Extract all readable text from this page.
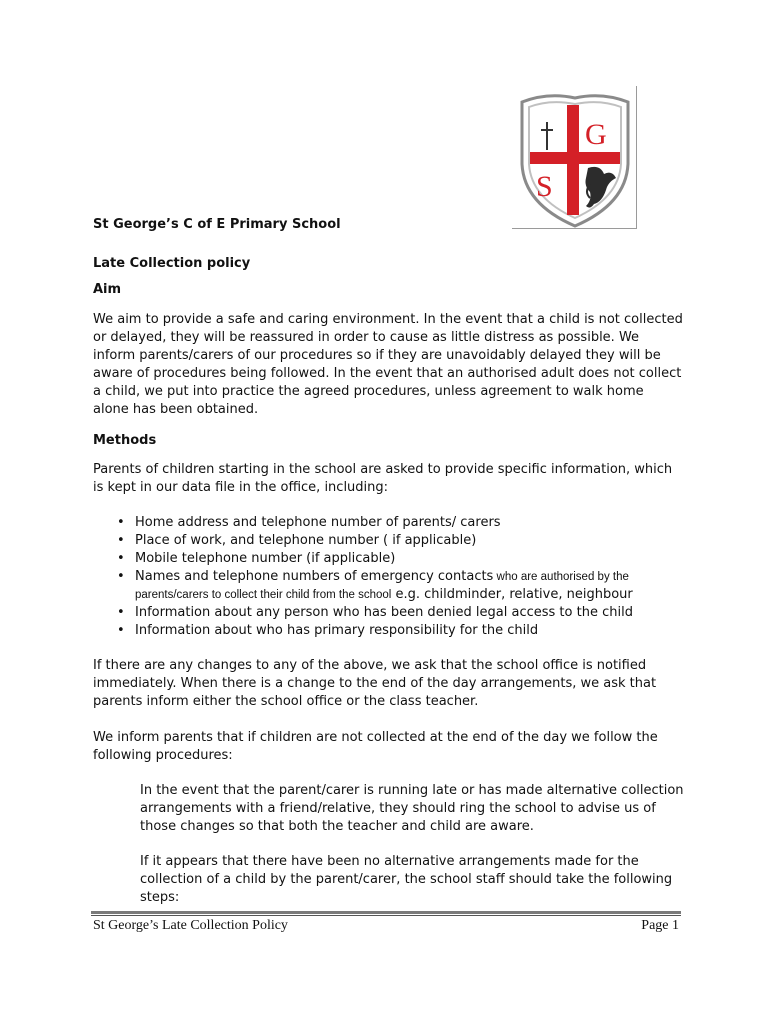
G
S
St George’s C of E Primary School
Late Collection policy
Aim
We aim to provide a safe and caring environment. In the event that a child is not collected or delayed, they will be reassured in order to cause as little distress as possible. We inform parents/carers of our procedures so if they are unavoidably delayed they will be aware of procedures being followed. In the event that an authorised adult does not collect a child, we put into practice the agreed procedures, unless agreement to walk home alone has been obtained.
Methods
Parents of children starting in the school are asked to provide specific information, which is kept in our data file in the office, including:
• Home address and telephone number of parents/ carers
• Place of work, and telephone number ( if applicable)
• Mobile telephone number (if applicable)
• Names and telephone numbers of emergency contacts who are authorised by the parents/carers to collect their child from the school e.g. childminder, relative, neighbour
• Information about any person who has been denied legal access to the child
• Information about who has primary responsibility for the child
If there are any changes to any of the above, we ask that the school office is notified immediately. When there is a change to the end of the day arrangements, we ask that parents inform either the school office or the class teacher.
We inform parents that if children are not collected at the end of the day we follow the following procedures:
In the event that the parent/carer is running late or has made alternative collection arrangements with a friend/relative, they should ring the school to advise us of those changes so that both the teacher and child are aware.
If it appears that there have been no alternative arrangements made for the collection of a child by the parent/carer, the school staff should take the following steps:
St George’s Late Collection Policy	Page 1
